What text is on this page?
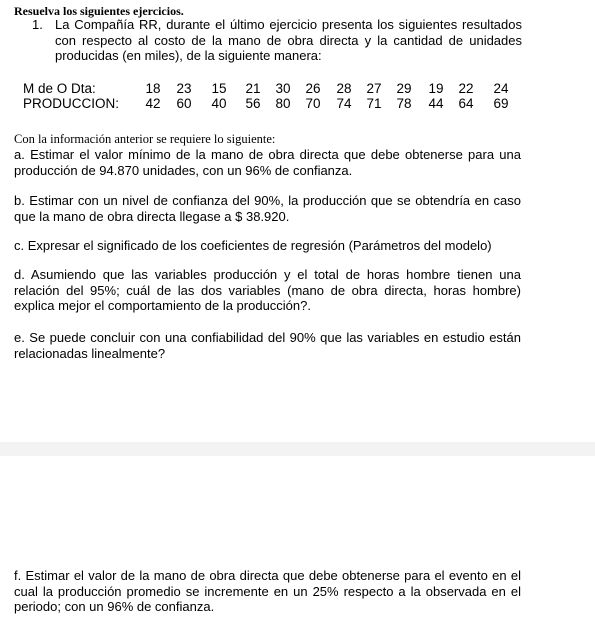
Resuelva los siguientes ejercicios.
1. La Compañía RR, durante el último ejercicio presenta los siguientes resultados con respecto al costo de la mano de obra directa y la cantidad de unidades producidas (en miles), de la siguiente manera:
M de O Dta:	18	23	15	21	30	26	28	27	29	19	22	24
PRODUCCION:	42	60	40	56	80	70	74	71	78	44	64	69
Con la información anterior se requiere lo siguiente:
a. Estimar el valor mínimo de la mano de obra directa que debe obtenerse para una producción de 94.870 unidades, con un 96% de confianza.
b. Estimar con un nivel de confianza del 90%, la producción que se obtendría en caso que la mano de obra directa llegase a $ 38.920.
c. Expresar el significado de los coeficientes de regresión (Parámetros del modelo)
d. Asumiendo que las variables producción y el total de horas hombre tienen una relación del 95%; cuál de las dos variables (mano de obra directa, horas hombre) explica mejor el comportamiento de la producción?.
e. Se puede concluir con una confiabilidad del 90% que las variables en estudio están relacionadas linealmente?
f. Estimar el valor de la mano de obra directa que debe obtenerse para el evento en el cual la producción promedio se incremente en un 25% respecto a la observada en el periodo; con un 96% de confianza.
